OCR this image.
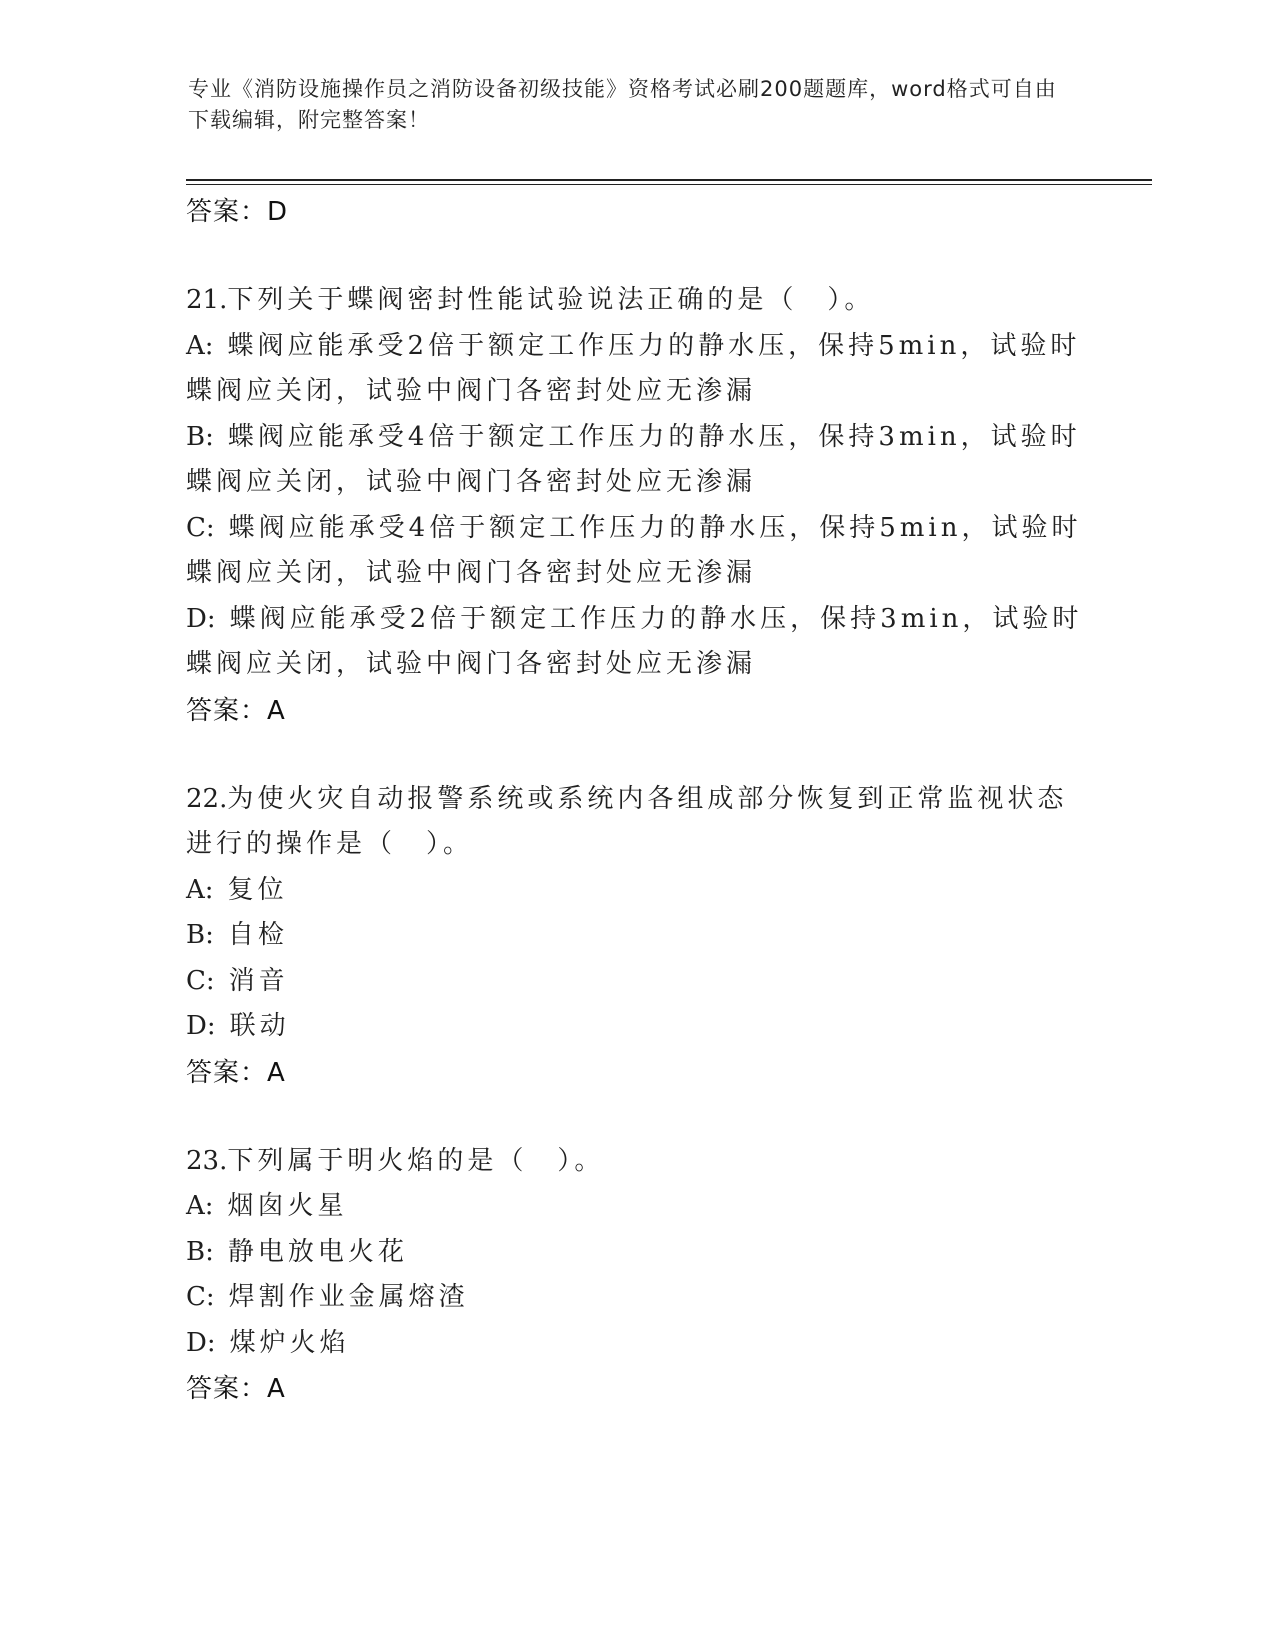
专业《消防设施操作员之消防设备初级技能》资格考试必刷200题题库，word格式可自由下载编辑，附完整答案！
答案：D
21.下列关于蝶阀密封性能试验说法正确的是（　）。
A: 蝶阀应能承受2倍于额定工作压力的静水压，保持5min，试验时蝶阀应关闭，试验中阀门各密封处应无渗漏
B: 蝶阀应能承受4倍于额定工作压力的静水压，保持3min，试验时蝶阀应关闭，试验中阀门各密封处应无渗漏
C: 蝶阀应能承受4倍于额定工作压力的静水压，保持5min，试验时蝶阀应关闭，试验中阀门各密封处应无渗漏
D: 蝶阀应能承受2倍于额定工作压力的静水压，保持3min，试验时蝶阀应关闭，试验中阀门各密封处应无渗漏
答案：A
22.为使火灾自动报警系统或系统内各组成部分恢复到正常监视状态进行的操作是（　）。
A: 复位
B: 自检
C: 消音
D: 联动
答案：A
23.下列属于明火焰的是（　）。
A: 烟囱火星
B: 静电放电火花
C: 焊割作业金属熔渣
D: 煤炉火焰
答案：A
